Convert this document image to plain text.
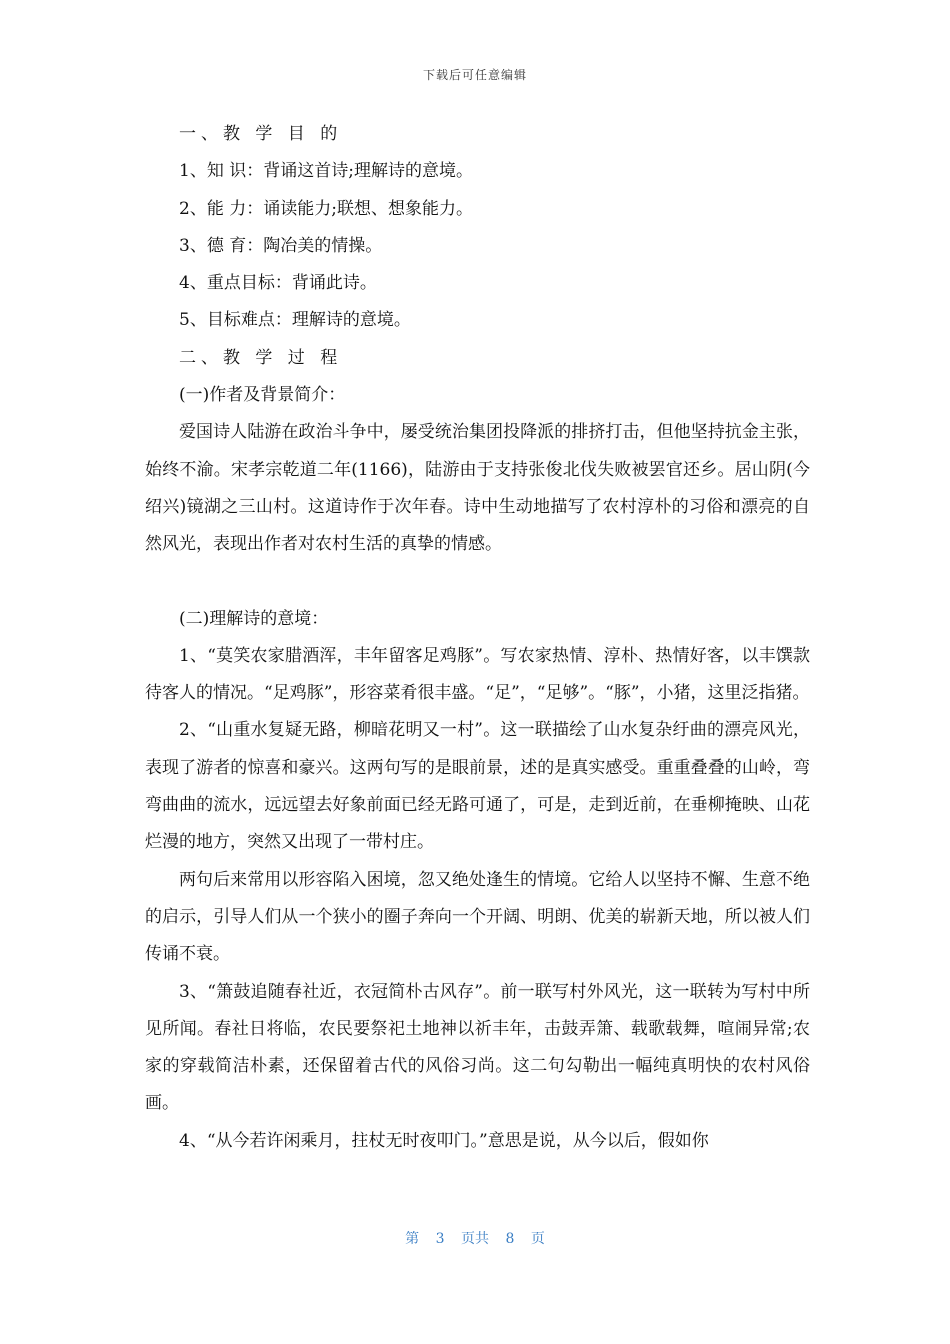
下载后可任意编辑

一、教 学 目 的

1、知 识：背诵这首诗;理解诗的意境。

2、能 力：诵读能力;联想、想象能力。

3、德 育：陶冶美的情操。

4、重点目标：背诵此诗。

5、目标难点：理解诗的意境。

二、教 学 过 程

(一)作者及背景简介：

爱国诗人陆游在政治斗争中，屡受统治集团投降派的排挤打击，但他坚持抗金主张，始终不渝。宋孝宗乾道二年(1166)，陆游由于支持张俊北伐失败被罢官还乡。居山阴(今绍兴)镜湖之三山村。这道诗作于次年春。诗中生动地描写了农村淳朴的习俗和漂亮的自然风光，表现出作者对农村生活的真挚的情感。

(二)理解诗的意境：

1、“莫笑农家腊酒浑，丰年留客足鸡豚”。写农家热情、淳朴、热情好客，以丰馔款待客人的情况。“足鸡豚”，形容菜肴很丰盛。“足”，“足够”。“豚”，小猪，这里泛指猪。

2、“山重水复疑无路，柳暗花明又一村”。这一联描绘了山水复杂纡曲的漂亮风光，表现了游者的惊喜和豪兴。这两句写的是眼前景，述的是真实感受。重重叠叠的山岭，弯弯曲曲的流水，远远望去好象前面已经无路可通了，可是，走到近前，在垂柳掩映、山花烂漫的地方，突然又出现了一带村庄。

两句后来常用以形容陷入困境，忽又绝处逢生的情境。它给人以坚持不懈、生意不绝的启示，引导人们从一个狭小的圈子奔向一个开阔、明朗、优美的崭新天地，所以被人们传诵不衰。

3、“箫鼓追随春社近，衣冠简朴古风存”。前一联写村外风光，这一联转为写村中所见所闻。春社日将临，农民要祭祀土地神以祈丰年，击鼓弄箫、载歌载舞，喧闹异常;农家的穿载简洁朴素，还保留着古代的风俗习尚。这二句勾勒出一幅纯真明快的农村风俗画。

4、“从今若许闲乘月，拄杖无时夜叩门。”意思是说，从今以后，假如你

第 3 页共 8 页
